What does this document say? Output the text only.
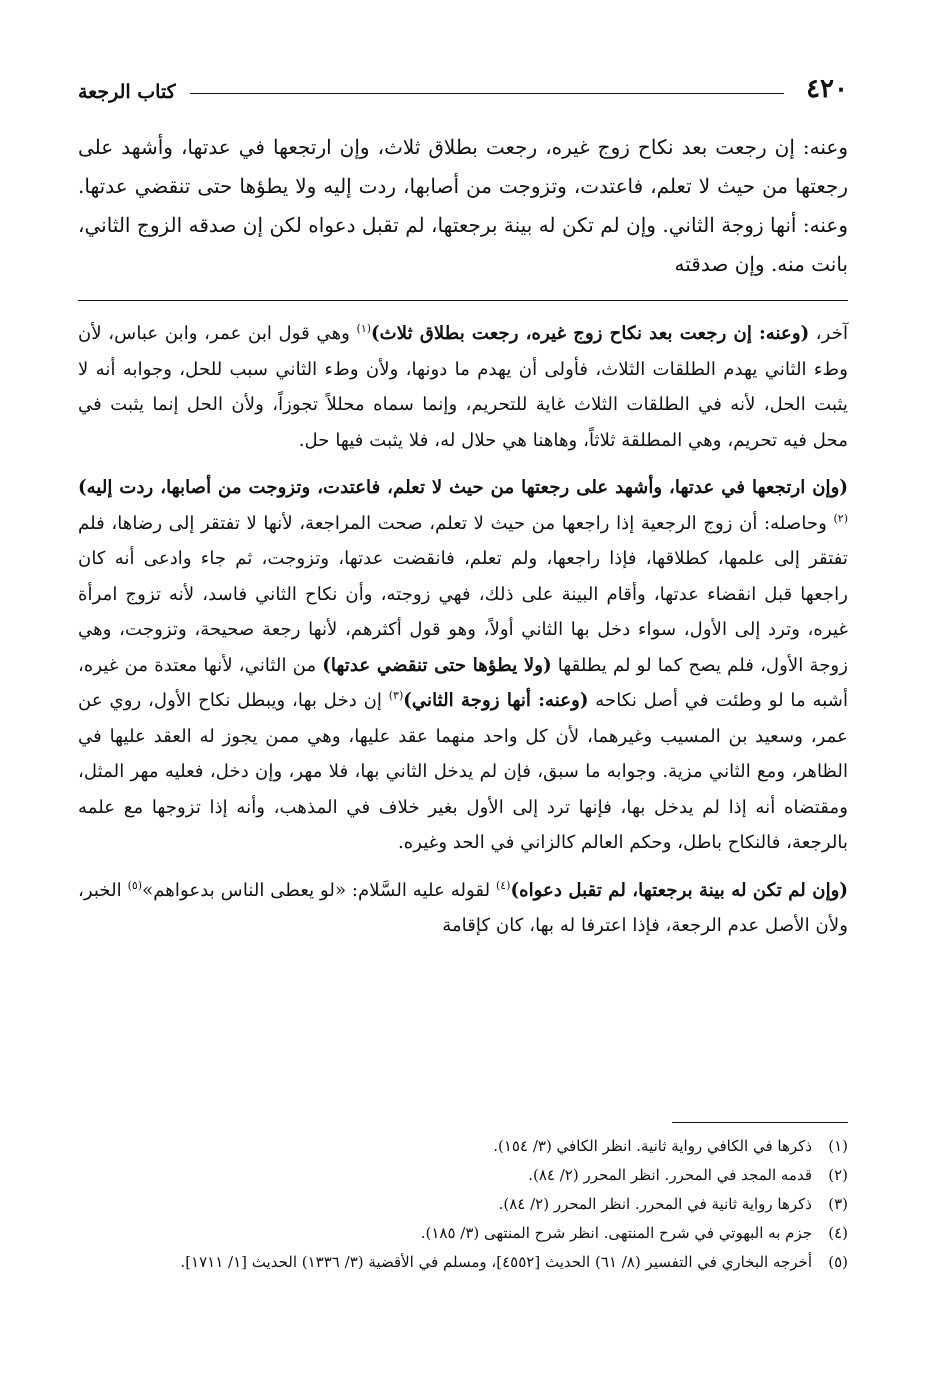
٤٢٠
كتاب الرجعة

وعنه: إن رجعت بعد نكاح زوج غيره، رجعت بطلاق ثلاث، وإن ارتجعها في عدتها، وأشهد على رجعتها من حيث لا تعلم، فاعتدت، وتزوجت من أصابها، ردت إليه ولا يطؤها حتى تنقضي عدتها. وعنه: أنها زوجة الثاني. وإن لم تكن له بينة برجعتها، لم تقبل دعواه لكن إن صدقه الزوج الثاني، بانت منه. وإن صدقته

آخر، (وعنه: إن رجعت بعد نكاح زوج غيره، رجعت بطلاق ثلاث)$^{(١)}$ وهي قول ابن عمر، وابن عباس، لأن وطء الثاني يهدم الطلقات الثلاث، فأولى أن يهدم ما دونها، ولأن وطء الثاني سبب للحل، وجوابه أنه لا يثبت الحل، لأنه في الطلقات الثلاث غاية للتحريم، وإنما سماه محللاً تجوزاً، ولأن الحل إنما يثبت في محل فيه تحريم، وهي المطلقة ثلاثاً، وهاهنا هي حلال له، فلا يثبت فيها حل.

(وإن ارتجعها في عدتها، وأشهد على رجعتها من حيث لا تعلم، فاعتدت، وتزوجت من أصابها، ردت إليه)$^{(٢)}$ وحاصله: أن زوج الرجعية إذا راجعها من حيث لا تعلم، صحت المراجعة، لأنها لا تفتقر إلى رضاها، فلم تفتقر إلى علمها، كطلاقها، فإذا راجعها، ولم تعلم، فانقضت عدتها، وتزوجت، ثم جاء وادعى أنه كان راجعها قبل انقضاء عدتها، وأقام البينة على ذلك، فهي زوجته، وأن نكاح الثاني فاسد، لأنه تزوج امرأة غيره، وترد إلى الأول، سواء دخل بها الثاني أولاً، وهو قول أكثرهم، لأنها رجعة صحيحة، وتزوجت، وهي زوجة الأول، فلم يصح كما لو لم يطلقها (ولا يطؤها حتى تنقضي عدتها) من الثاني، لأنها معتدة من غيره، أشبه ما لو وطئت في أصل نكاحه (وعنه: أنها زوجة الثاني)$^{(٣)}$ إن دخل بها، ويبطل نكاح الأول، روي عن عمر، وسعيد بن المسيب وغيرهما، لأن كل واحد منهما عقد عليها، وهي ممن يجوز له العقد عليها في الظاهر، ومع الثاني مزية. وجوابه ما سبق، فإن لم يدخل الثاني بها، فلا مهر، وإن دخل، فعليه مهر المثل، ومقتضاه أنه إذا لم يدخل بها، فإنها ترد إلى الأول بغير خلاف في المذهب، وأنه إذا تزوجها مع علمه بالرجعة، فالنكاح باطل، وحكم العالم كالزاني في الحد وغيره.

(وإن لم تكن له بينة برجعتها، لم تقبل دعواه)$^{(٤)}$ لقوله عليه السَّلام: «لو يعطى الناس بدعواهم»$^{(٥)}$ الخبر، ولأن الأصل عدم الرجعة، فإذا اعترفا له بها، كان كإقامة

(١)
ذكرها في الكافي رواية ثانية. انظر الكافي (٣/ ١٥٤).
(٢)
قدمه المجد في المحرر. انظر المحرر (٢/ ٨٤).
(٣)
ذكرها رواية ثانية في المحرر. انظر المحرر (٢/ ٨٤).
(٤)
جزم به البهوتي في شرح المنتهى. انظر شرح المنتهى (٣/ ١٨٥).
(٥)
أخرجه البخاري في التفسير (٨/ ٦١) الحديث [٤٥٥٢]، ومسلم في الأقضية (٣/ ١٣٣٦) الحديث [١/ ١٧١١].
